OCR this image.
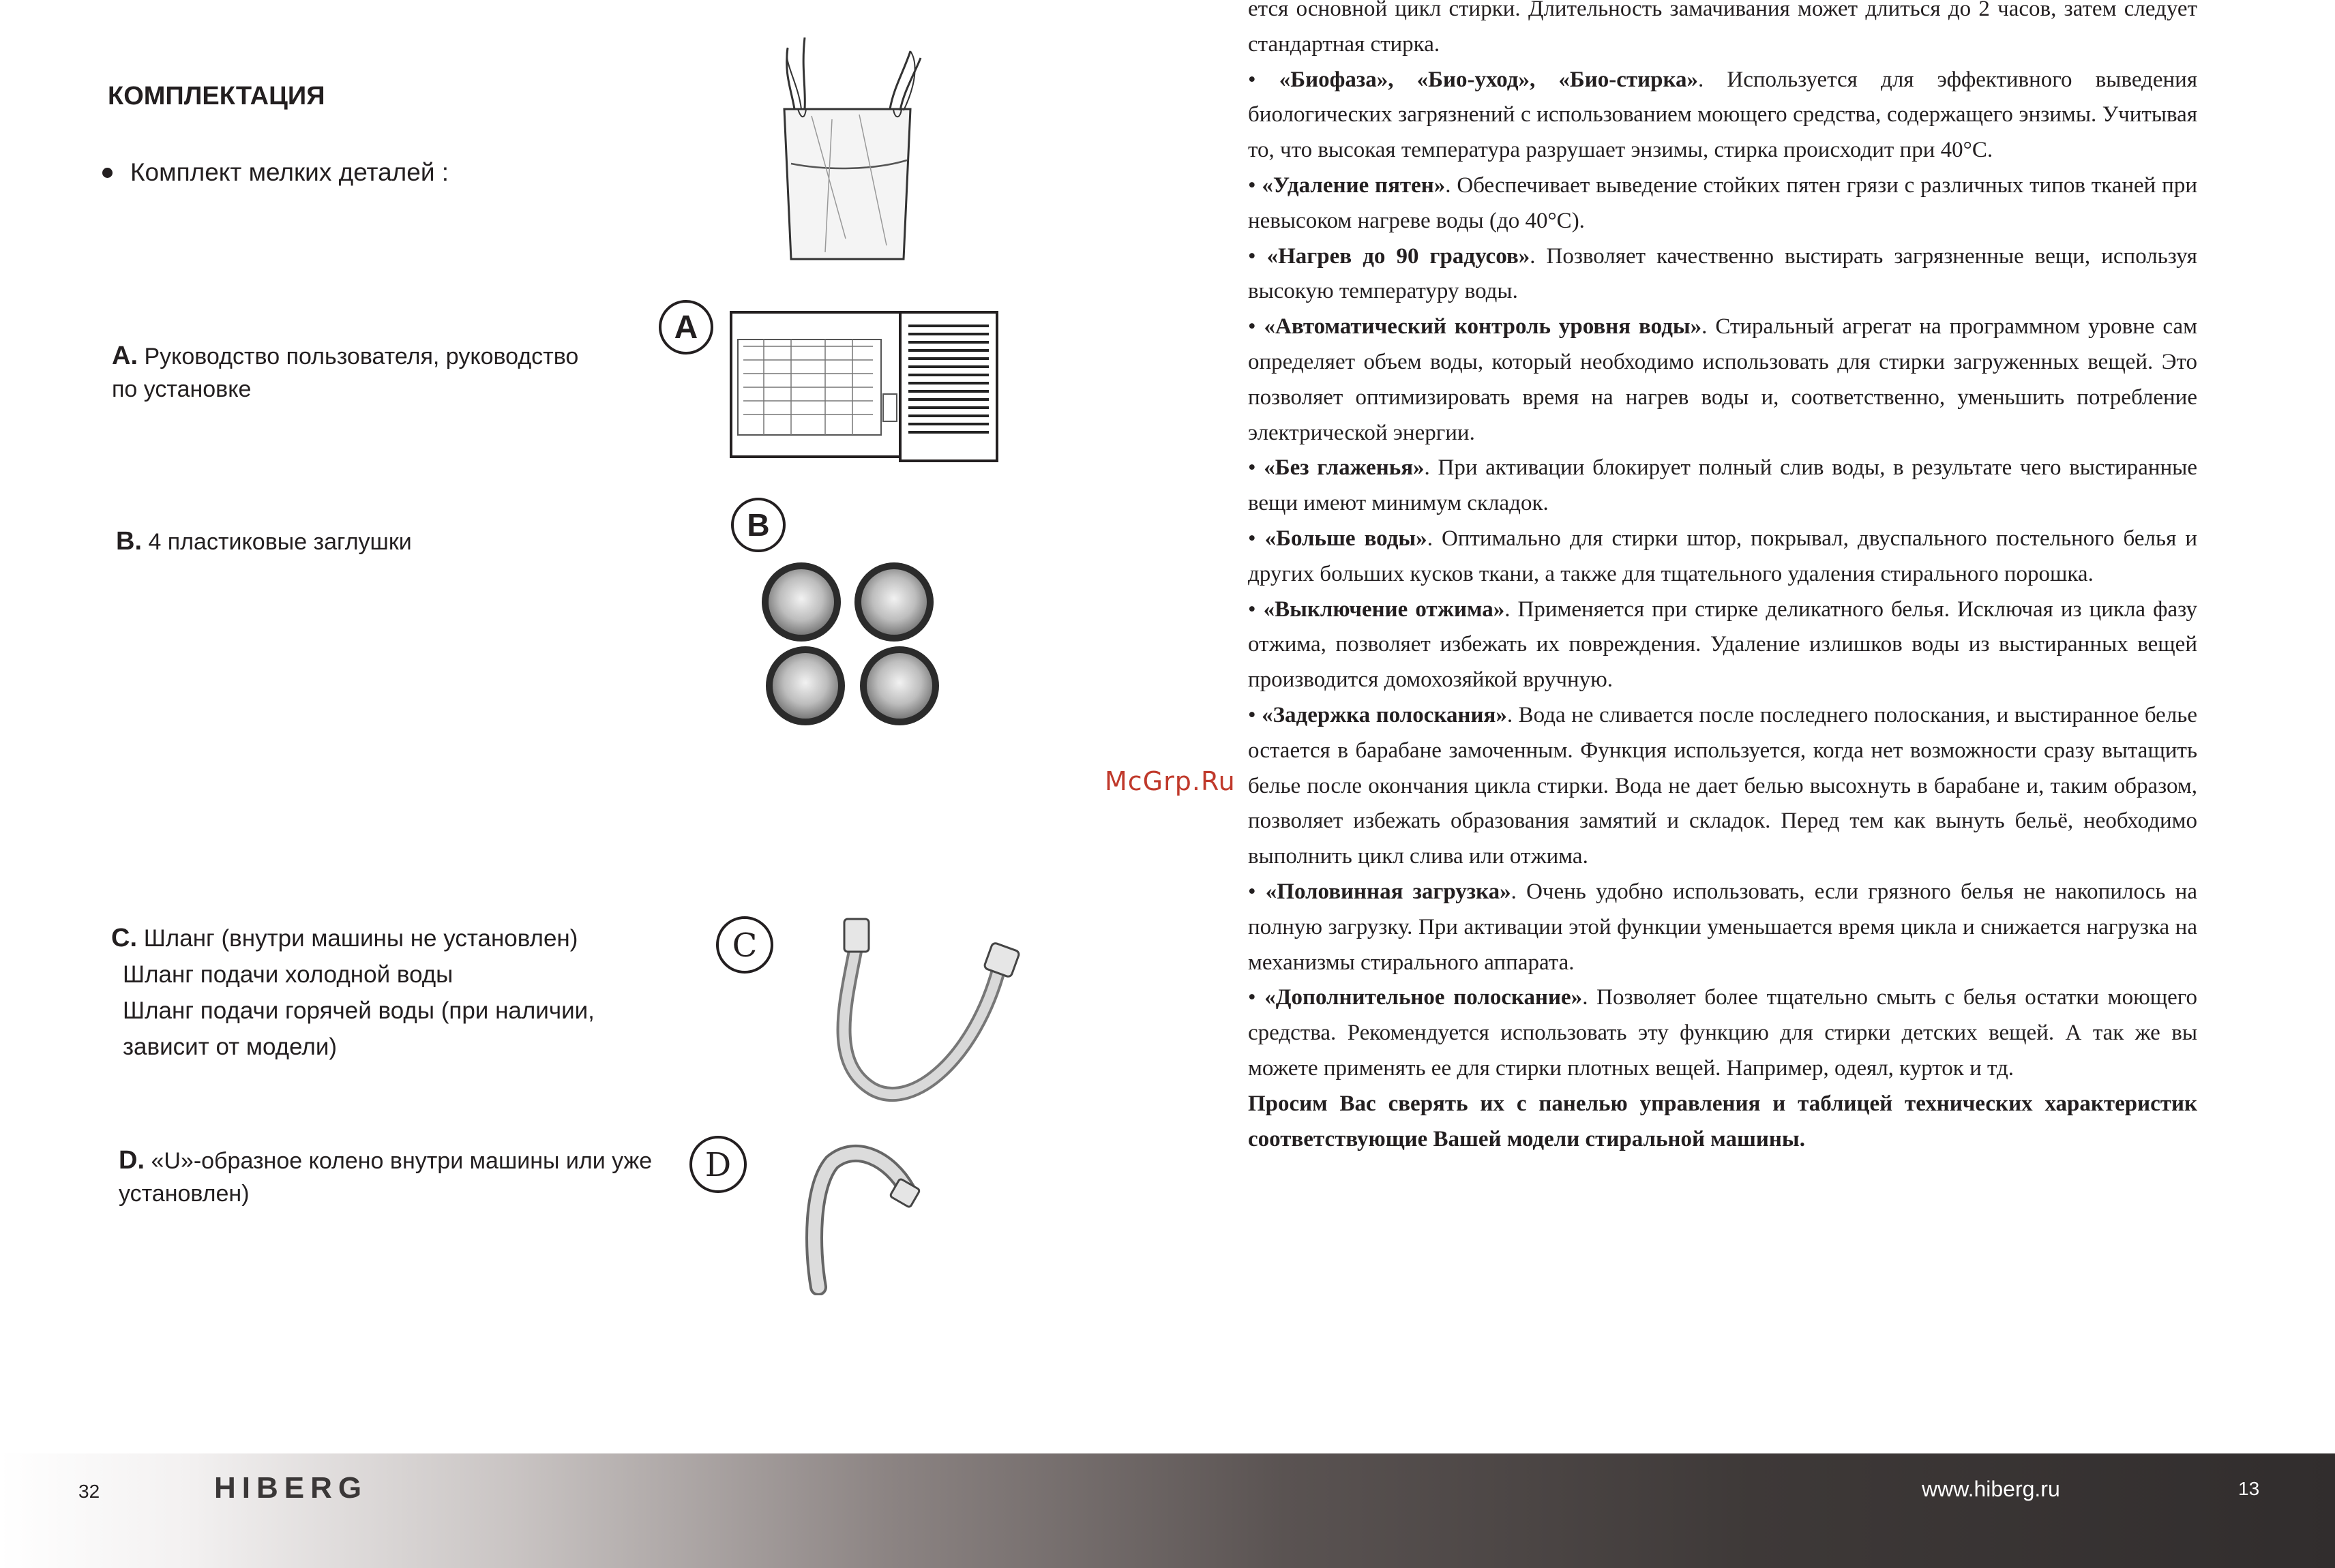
КОМПЛЕКТАЦИЯ
Комплект мелких деталей :
A. Руководство пользователя, руководство
по установке
A
B. 4 пластиковые заглушки	B
C. Шланг (внутри машины не установлен)
Шланг подачи холодной воды
Шланг подачи горячей воды (при наличии,
зависит от модели)
C
D. «U»-образное колено внутри машины или уже
установлен)
D

ется основной цикл стирки. Длительность замачивания может длиться до 2 часов, затем следует стандартная стирка.

• «Биофаза», «Био-уход», «Био-стирка». Используется для эффективного выведения биологических загрязнений с использованием моющего средства, содержащего энзимы. Учитывая то, что высокая температура разрушает энзимы, стирка происходит при 40°С.

• «Удаление пятен». Обеспечивает выведение стойких пятен грязи с различных типов тканей при невысоком нагреве воды (до 40°С).

• «Нагрев до 90 градусов». Позволяет качественно выстирать загрязненные вещи, используя высокую температуру воды.

• «Автоматический контроль уровня воды». Стиральный агрегат на программном уровне сам определяет объем воды, который необходимо использовать для стирки загруженных вещей. Это позволяет оптимизировать время на нагрев воды и, соответственно, уменьшить потребление электрической энергии.

• «Без глаженья». При активации блокирует полный слив воды, в результате чего выстиранные вещи имеют минимум складок.

• «Больше воды». Оптимально для стирки штор, покрывал, двуспального постельного белья и других больших кусков ткани, а также для тщательного удаления стирального порошка.

• «Выключение отжима». Применяется при стирке деликатного белья. Исключая из цикла фазу отжима, позволяет избежать их повреждения. Удаление излишков воды из выстиранных вещей производится домохозяйкой вручную.

• «Задержка полоскания». Вода не сливается после последнего полоскания, и выстиранное белье остается в барабане замоченным. Функция используется, когда нет возможности сразу вытащить белье после окончания цикла стирки. Вода не дает белью высохнуть в барабане и, таким образом, позволяет избежать образования замятий и складок. Перед тем как вынуть бельё, необходимо выполнить цикл слива или отжима.

• «Половинная загрузка». Очень удобно использовать, если грязного белья не накопилось на полную загрузку. При активации этой функции уменьшается время цикла и снижается нагрузка на механизмы стирального аппарата.

• «Дополнительное полоскание». Позволяет более тщательно смыть с белья остатки моющего средства. Рекомендуется использовать эту функцию для стирки детских вещей. А так же вы можете применять ее для стирки плотных вещей. Например, одеял, курток и тд.

Просим Вас сверять их с панелью управления и таблицей технических характеристик соответствующие Вашей модели стиральной машины.

McGrp.Ru
32	HIBERG	www.hiberg.ru	13
